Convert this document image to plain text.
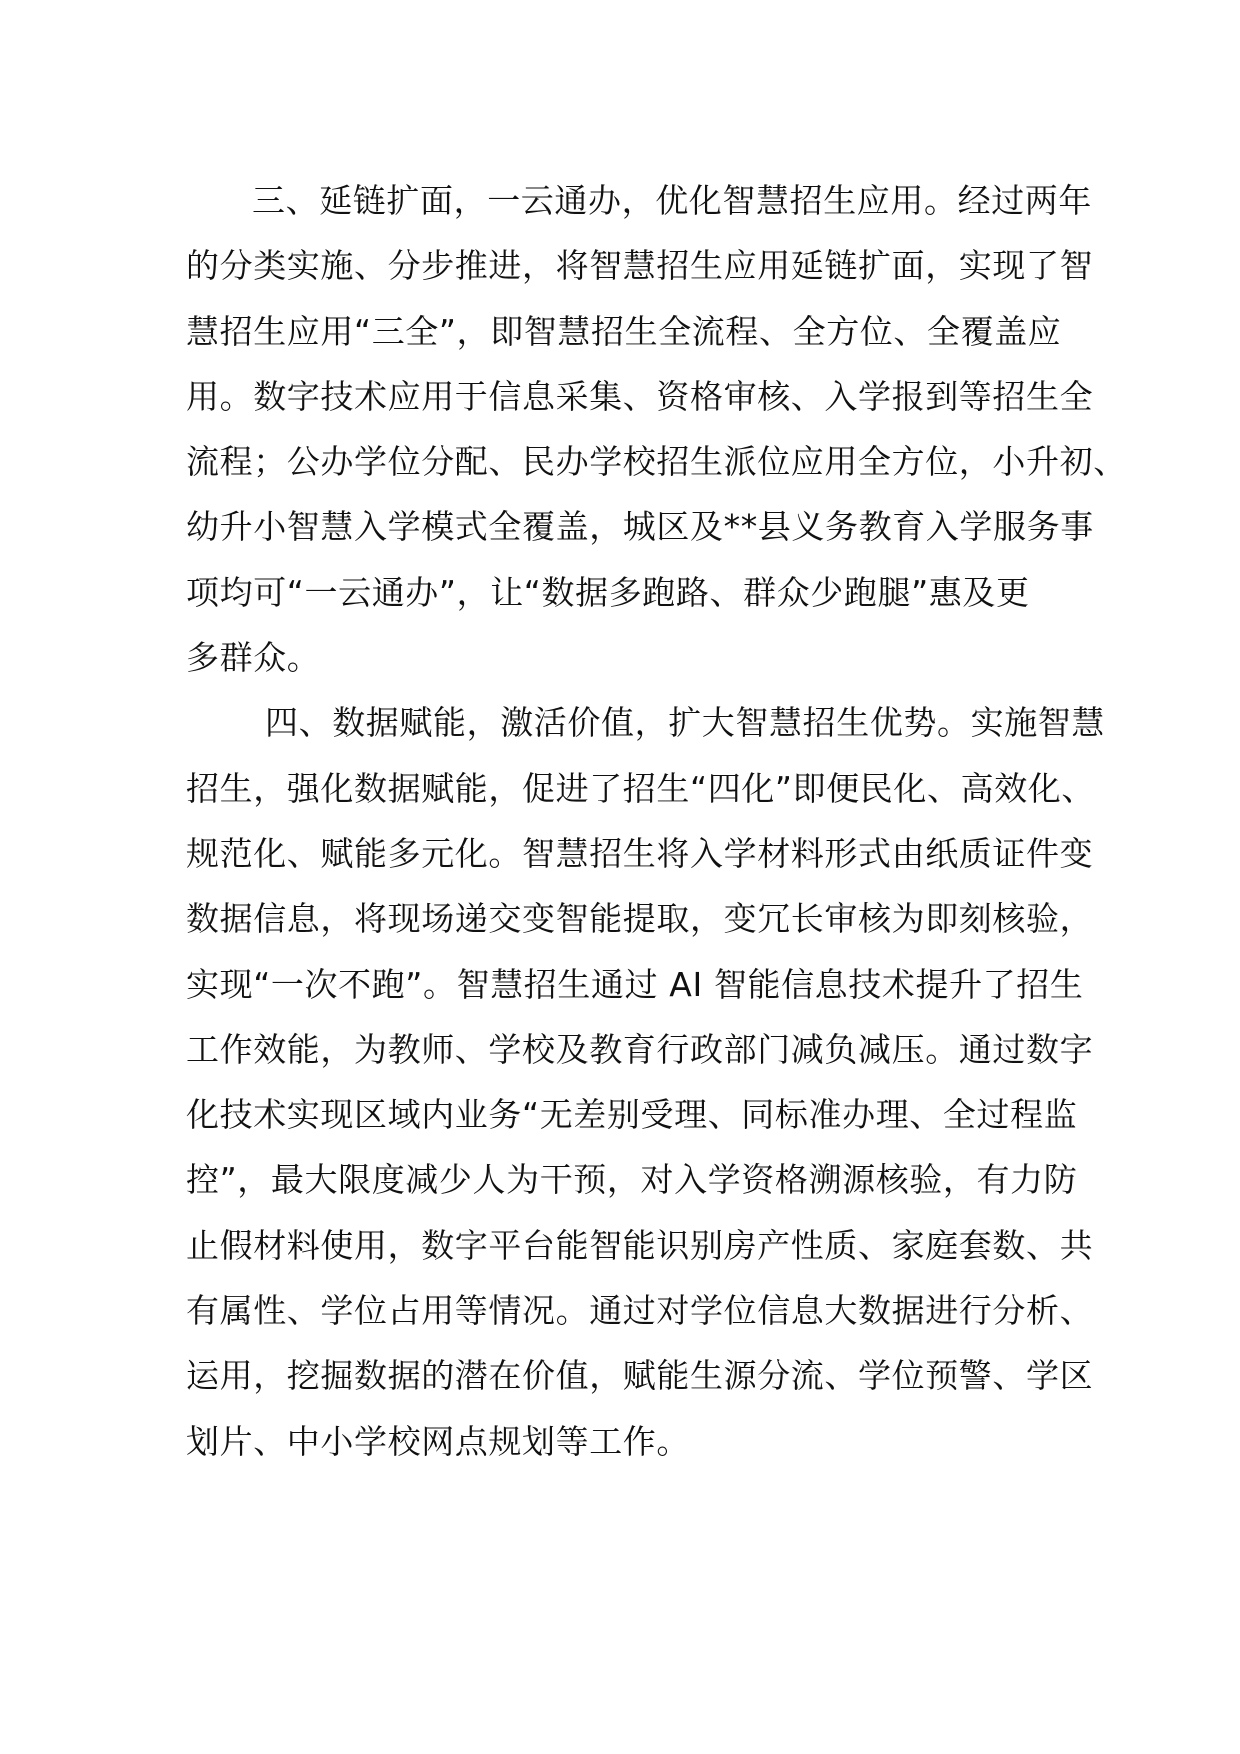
三、延链扩面，一云通办，优化智慧招生应用。经过两年
的分类实施、分步推进，将智慧招生应用延链扩面，实现了智
慧招生应用“三全”，即智慧招生全流程、全方位、全覆盖应
用。数字技术应用于信息采集、资格审核、入学报到等招生全
流程；公办学位分配、民办学校招生派位应用全方位，小升初、
幼升小智慧入学模式全覆盖，城区及**县义务教育入学服务事
项均可“一云通办”，让“数据多跑路、群众少跑腿”惠及更
多群众。
四、数据赋能，激活价值，扩大智慧招生优势。实施智慧
招生，强化数据赋能，促进了招生“四化”即便民化、高效化、
规范化、赋能多元化。智慧招生将入学材料形式由纸质证件变
数据信息，将现场递交变智能提取，变冗长审核为即刻核验，
实现“一次不跑”。智慧招生通过 AI 智能信息技术提升了招生
工作效能，为教师、学校及教育行政部门减负减压。通过数字
化技术实现区域内业务“无差别受理、同标准办理、全过程监
控”，最大限度减少人为干预，对入学资格溯源核验，有力防
止假材料使用，数字平台能智能识别房产性质、家庭套数、共
有属性、学位占用等情况。通过对学位信息大数据进行分析、
运用，挖掘数据的潜在价值，赋能生源分流、学位预警、学区
划片、中小学校网点规划等工作。
